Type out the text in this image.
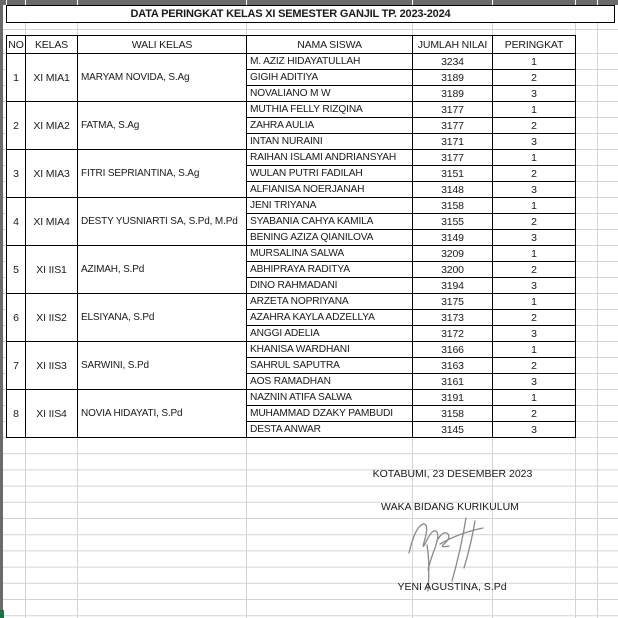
DATA PERINGKAT KELAS XI SEMESTER GANJIL TP. 2023-2024
NO	KELAS	WALI KELAS	NAMA SISWA	JUMLAH NILAI	PERINGKAT
1	XI MIA1	MARYAM NOVIDA, S.Ag	M. AZIZ HIDAYATULLAH	3234	1
			GIGIH ADITIYA	3189	2
			NOVALIANO M W	3189	3
2	XI MIA2	FATMA, S.Ag	MUTHIA FELLY RIZQINA	3177	1
			ZAHRA AULIA	3177	2
			INTAN NURAINI	3171	3
3	XI MIA3	FITRI SEPRIANTINA, S.Ag	RAIHAN ISLAMI ANDRIANSYAH	3177	1
			WULAN PUTRI FADILAH	3151	2
			ALFIANISA NOERJANAH	3148	3
4	XI MIA4	DESTY YUSNIARTI SA, S.Pd, M.Pd	JENI TRIYANA	3158	1
			SYABANIA CAHYA KAMILA	3155	2
			BENING AZIZA QIANILOVA	3149	3
5	XI IIS1	AZIMAH, S.Pd	MURSALINA SALWA	3209	1
			ABHIPRAYA RADITYA	3200	2
			DINO RAHMADANI	3194	3
6	XI IIS2	ELSIYANA, S.Pd	ARZETA NOPRIYANA	3175	1
			AZAHRA KAYLA ADZELLYA	3173	2
			ANGGI ADELIA	3172	3
7	XI IIS3	SARWINI, S.Pd	KHANISA WARDHANI	3166	1
			SAHRUL SAPUTRA	3163	2
			AOS RAMADHAN	3161	3
8	XI IIS4	NOVIA HIDAYATI, S.Pd	NAZNIN ATIFA SALWA	3191	1
			MUHAMMAD DZAKY PAMBUDI	3158	2
			DESTA ANWAR	3145	3
KOTABUMI, 23 DESEMBER 2023
WAKA BIDANG KURIKULUM
YENI AGUSTINA, S.Pd
